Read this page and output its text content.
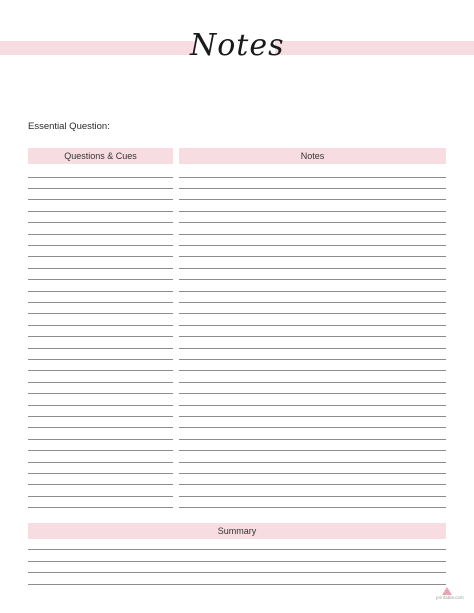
Notes
Essential Question:
Questions & Cues	Notes
Summary
printable.com
